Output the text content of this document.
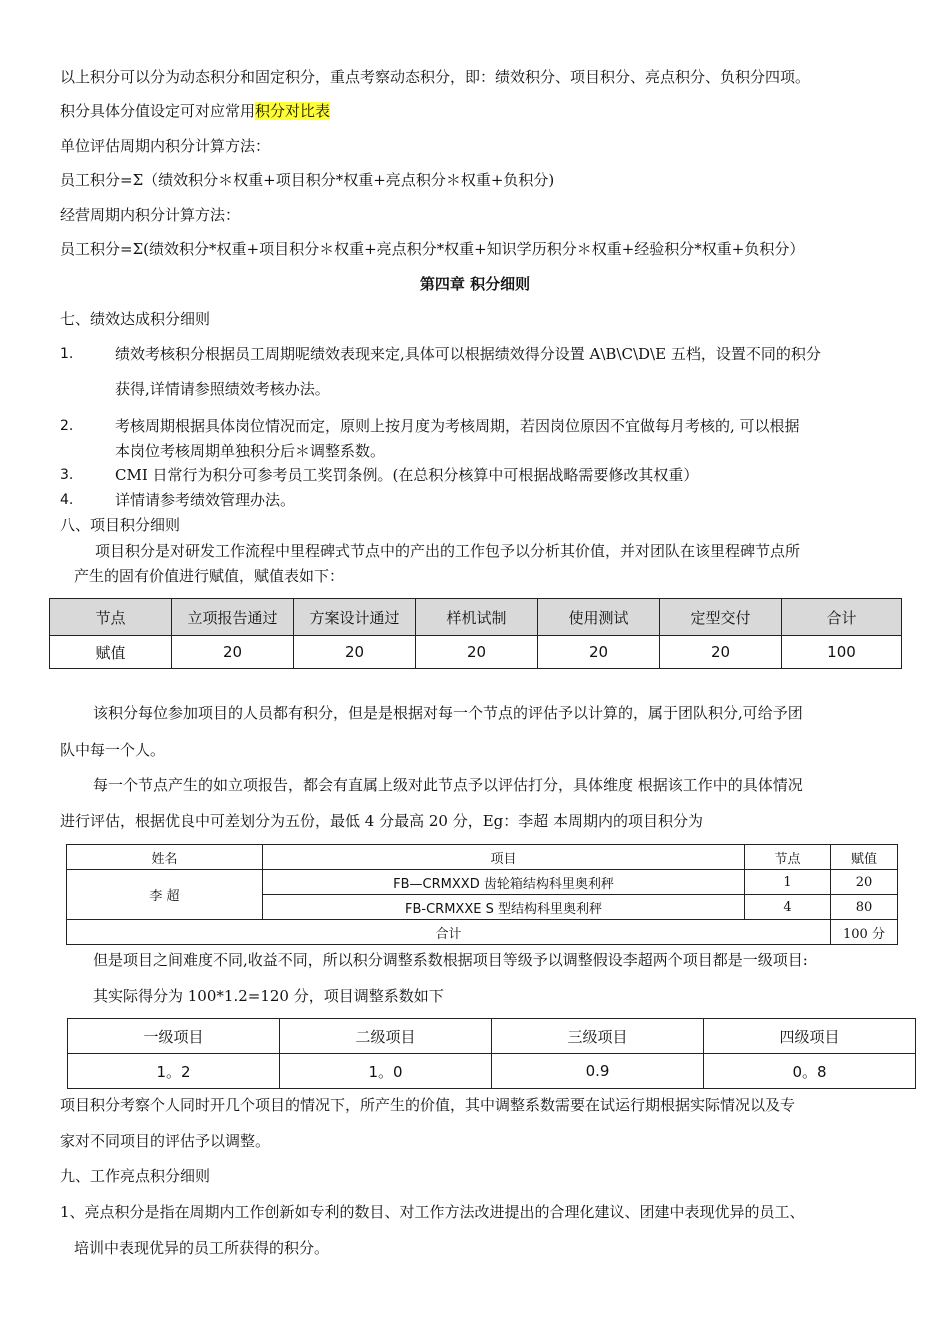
以上积分可以分为动态积分和固定积分，重点考察动态积分，即：绩效积分、项目积分、亮点积分、负积分四项。
积分具体分值设定可对应常用积分对比表
单位评估周期内积分计算方法：
员工积分=Σ（绩效积分＊权重+项目积分*权重+亮点积分＊权重+负积分)
经营周期内积分计算方法：
员工积分=Σ(绩效积分*权重+项目积分＊权重+亮点积分*权重+知识学历积分＊权重+经验积分*权重+负积分）
第四章 积分细则
七、绩效达成积分细则
1.	绩效考核积分根据员工周期呢绩效表现来定,具体可以根据绩效得分设置 A\B\C\D\E 五档，设置不同的积分
获得,详情请参照绩效考核办法。
2.	考核周期根据具体岗位情况而定，原则上按月度为考核周期，若因岗位原因不宜做每月考核的, 可以根据
本岗位考核周期单独积分后＊调整系数。
3.	CMI 日常行为积分可参考员工奖罚条例。(在总积分核算中可根据战略需要修改其权重）
4.	详情请参考绩效管理办法。
八、项目积分细则
项目积分是对研发工作流程中里程碑式节点中的产出的工作包予以分析其价值，并对团队在该里程碑节点所
产生的固有价值进行赋值，赋值表如下：
节点	立项报告通过	方案设计通过	样机试制	使用测试	定型交付	合计
赋值	20	20	20	20	20	100
该积分每位参加项目的人员都有积分，但是是根据对每一个节点的评估予以计算的，属于团队积分,可给予团
队中每一个人。
每一个节点产生的如立项报告，都会有直属上级对此节点予以评估打分，具体维度 根据该工作中的具体情况
进行评估，根据优良中可差划分为五份，最低 4 分最高 20 分，Eg：李超 本周期内的项目积分为
姓名	项目	节点	赋值
李 超	FB—CRMXXD 齿轮箱结构科里奥利秤	1	20
	FB-CRMXXE S 型结构科里奥利秤	4	80
合计			100 分
但是项目之间难度不同,收益不同，所以积分调整系数根据项目等级予以调整假设李超两个项目都是一级项目:
其实际得分为 100*1.2=120 分，项目调整系数如下
一级项目	二级项目	三级项目	四级项目
1。2	1。0	0.9	0。8
项目积分考察个人同时开几个项目的情况下，所产生的价值，其中调整系数需要在试运行期根据实际情况以及专
家对不同项目的评估予以调整。
九、工作亮点积分细则
1、亮点积分是指在周期内工作创新如专利的数目、对工作方法改进提出的合理化建议、团建中表现优异的员工、
培训中表现优异的员工所获得的积分。
